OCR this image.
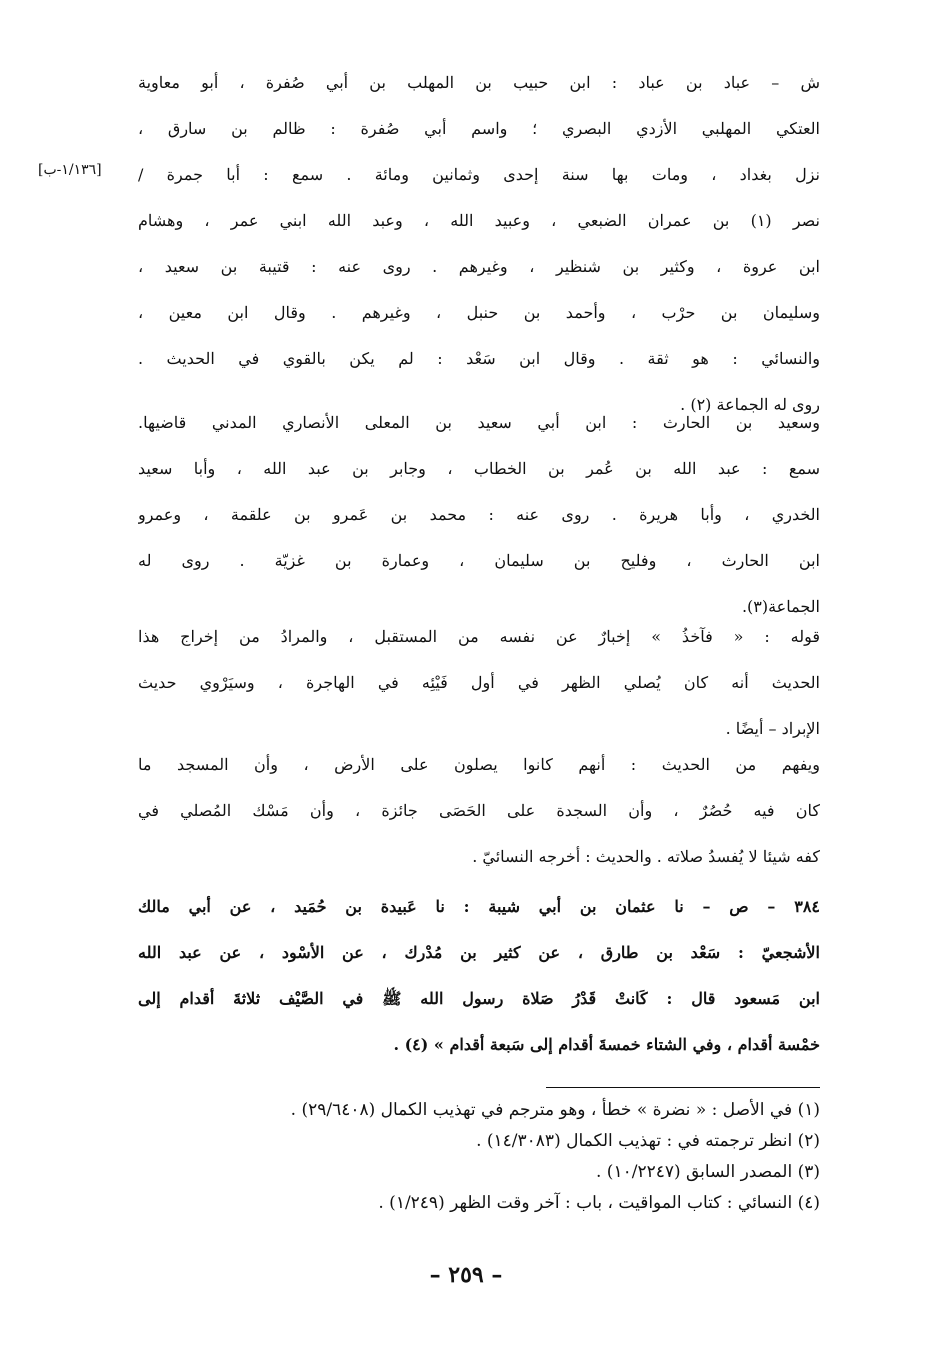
[١/١٣٦-ب]
ش – عباد بن عباد : ابن حبيب بن المهلب بن أبي صُفرة ، أبو معاوية
العتكي المهلبي الأزدي البصري ؛ واسم أبي صُفرة : ظالم بن سارق ،
نزل بغداد ، ومات بها سنة إحدى وثمانين ومائة . سمع : أبا جمرة /
نصر (١) بن عمران الضبعي ، وعبيد الله ، وعبد الله ابني عمر ، وهشام
ابن عروة ، وكثير بن شنظير ، وغيرهم . روى عنه : قتيبة بن سعيد ،
وسليمان بن حرْب ، وأحمد بن حنبل ، وغيرهم . وقال ابن معين ،
والنسائي : هو ثقة . وقال ابن سَعْد : لم يكن بالقوي في الحديث .
روى له الجماعة (٢) .
وسعيد بن الحارث : ابن أبي سعيد بن المعلى الأنصاري المدني قاضيها.
سمع : عبد الله بن عُمر بن الخطاب ، وجابر بن عبد الله ، وأبا سعيد
الخدري ، وأبا هريرة . روى عنه : محمد بن عَمرو بن علقمة ، وعمرو
ابن الحارث ، وفليح بن سليمان ، وعمارة بن غزيّة . روى له
الجماعة(٣).
قوله : « فآخذُ » إخبارٌ عن نفسه من المستقبل ، والمرادُ من إخراج هذا
الحديث أنه كان يُصلي الظهر في أول فَيْئِه في الهاجرة ، وسيَرْوي حديث
الإبراد – أيضًا .
ويفهم من الحديث : أنهم كانوا يصلون على الأرض ، وأن المسجد ما
كان فيه حُصُرٌ ، وأن السجدة على الحَصَى جائزة ، وأن مَسْك المُصلي في
كفه شيئا لا يُفسدُ صلاته . والحديث : أخرجه النسائيّ .
٣٨٤ – ص – نا عثمان بن أبي شيبة : نا عَبيدة بن حُمَيد ، عن أبي مالك
الأشجعيّ : سَعْد بن طارق ، عن كثير بن مُدْرك ، عن الأسْود ، عن عبد الله
ابن مَسعود قال : كَانتْ قَدْرُ صَلاة رسول الله ﷺ في الصَّيْف ثلاثةَ أقدام إلى
خمْسة أقدام ، وفي الشتاء خمسةَ أقدام إلى سَبعة أقدام » (٤) .
(١) في الأصل : « نضرة » خطأ ، وهو مترجم في تهذيب الكمال (٢٩/٦٤٠٨) .
(٢) انظر ترجمته في : تهذيب الكمال (١٤/٣٠٨٣) .
(٣) المصدر السابق (١٠/٢٢٤٧) .
(٤) النسائي : كتاب المواقيت ، باب : آخر وقت الظهر (١/٢٤٩) .
– ٢٥٩ –
